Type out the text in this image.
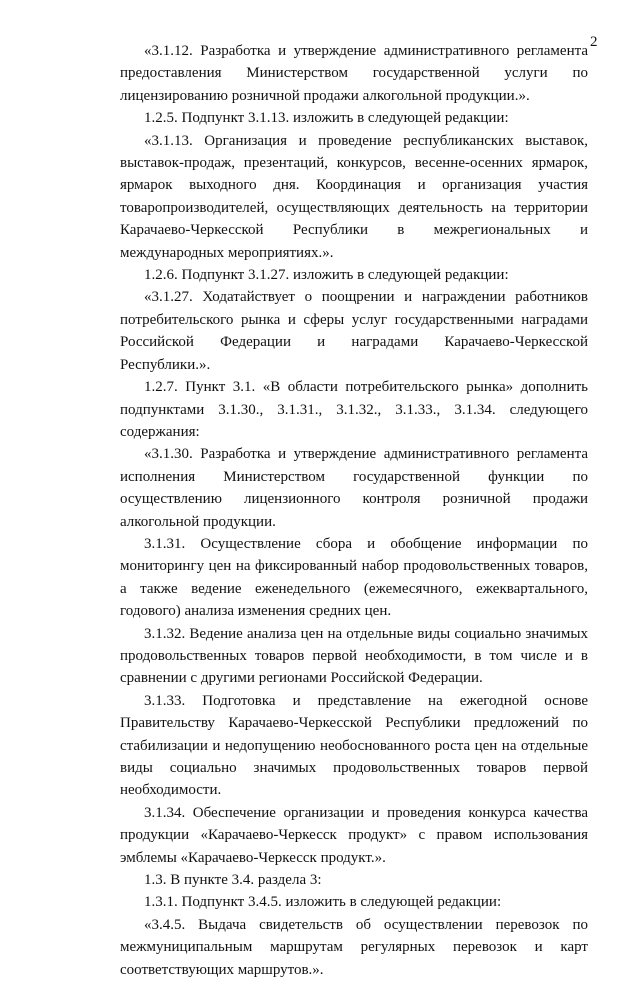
2

«3.1.12. Разработка и утверждение административного регламента предоставления Министерством государственной услуги по лицензированию розничной продажи алкогольной продукции.».

1.2.5. Подпункт 3.1.13. изложить в следующей редакции:

«3.1.13. Организация и проведение республиканских выставок, выставок-продаж, презентаций, конкурсов, весенне-осенних ярмарок, ярмарок выходного дня. Координация и организация участия товаропроизводителей, осуществляющих деятельность на территории Карачаево-Черкесской Республики в межрегиональных и международных мероприятиях.».

1.2.6. Подпункт 3.1.27. изложить в следующей редакции:

«3.1.27. Ходатайствует о поощрении и награждении работников потребительского рынка и сферы услуг государственными наградами Российской Федерации и наградами Карачаево-Черкесской Республики.».

1.2.7. Пункт 3.1. «В области потребительского рынка» дополнить подпунктами 3.1.30., 3.1.31., 3.1.32., 3.1.33., 3.1.34. следующего содержания:

«3.1.30. Разработка и утверждение административного регламента исполнения Министерством государственной функции по осуществлению лицензионного контроля розничной продажи алкогольной продукции.

3.1.31. Осуществление сбора и обобщение информации по мониторингу цен на фиксированный набор продовольственных товаров, а также ведение еженедельного (ежемесячного, ежеквартального, годового) анализа изменения средних цен.

3.1.32. Ведение анализа цен на отдельные виды социально значимых продовольственных товаров первой необходимости, в том числе и в сравнении с другими регионами Российской Федерации.

3.1.33. Подготовка и представление на ежегодной основе Правительству Карачаево-Черкесской Республики предложений по стабилизации и недопущению необоснованного роста цен на отдельные виды социально значимых продовольственных товаров первой необходимости.

3.1.34. Обеспечение организации и проведения конкурса качества продукции «Карачаево-Черкесск продукт» с правом использования эмблемы «Карачаево-Черкесск продукт.».

1.3. В пункте 3.4. раздела 3:

1.3.1. Подпункт 3.4.5. изложить в следующей редакции:

«3.4.5. Выдача свидетельств об осуществлении перевозок по межмуниципальным маршрутам регулярных перевозок и карт соответствующих маршрутов.».
